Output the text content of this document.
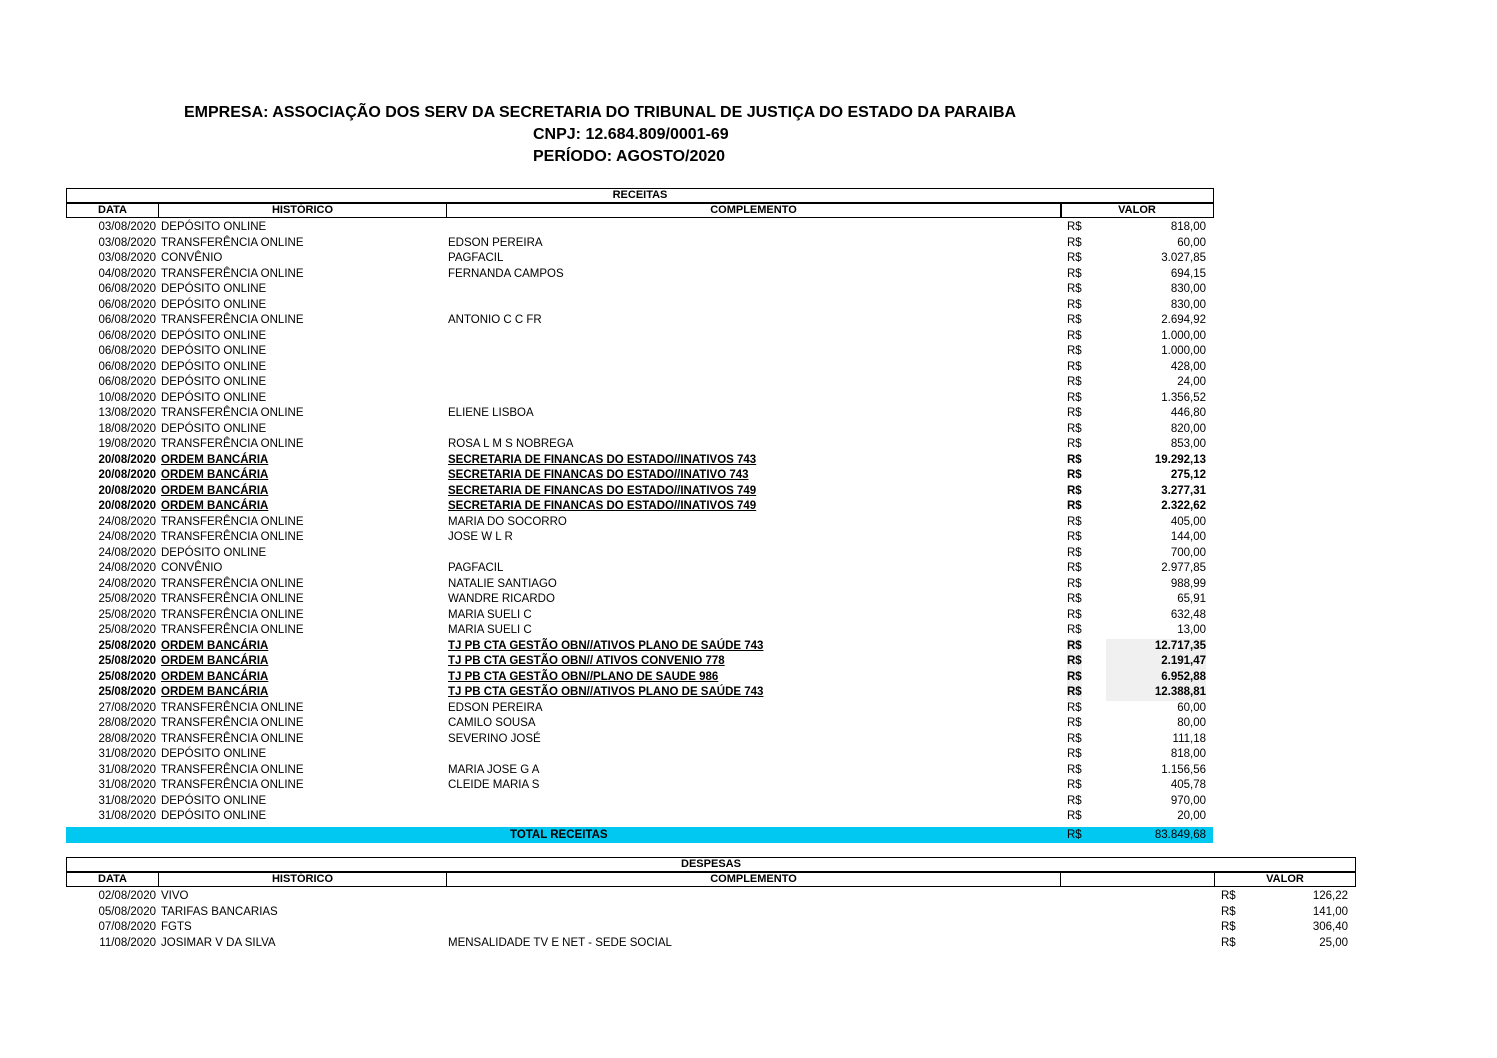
EMPRESA: ASSOCIAÇÃO DOS SERV DA SECRETARIA DO TRIBUNAL DE JUSTIÇA DO ESTADO DA PARAIBA
CNPJ: 12.684.809/0001-69
PERÍODO: AGOSTO/2020
RECEITAS
DATA	HISTÓRICO	COMPLEMENTO	VALOR
03/08/2020 DEPÓSITO ONLINE	R$	818,00
03/08/2020 TRANSFERÊNCIA ONLINE	EDSON PEREIRA	R$	60,00
03/08/2020 CONVÊNIO	PAGFACIL	R$	3.027,85
04/08/2020 TRANSFERÊNCIA ONLINE	FERNANDA CAMPOS	R$	694,15
06/08/2020 DEPÓSITO ONLINE	R$	830,00
06/08/2020 DEPÓSITO ONLINE	R$	830,00
06/08/2020 TRANSFERÊNCIA ONLINE	ANTONIO C C FR	R$	2.694,92
06/08/2020 DEPÓSITO ONLINE	R$	1.000,00
06/08/2020 DEPÓSITO ONLINE	R$	1.000,00
06/08/2020 DEPÓSITO ONLINE	R$	428,00
06/08/2020 DEPÓSITO ONLINE	R$	24,00
10/08/2020 DEPÓSITO ONLINE	R$	1.356,52
13/08/2020 TRANSFERÊNCIA ONLINE	ELIENE LISBOA	R$	446,80
18/08/2020 DEPÓSITO ONLINE	R$	820,00
19/08/2020 TRANSFERÊNCIA ONLINE	ROSA L M S NOBREGA	R$	853,00
20/08/2020 ORDEM BANCÁRIA	SECRETARIA DE FINANCAS DO ESTADO//INATIVOS 743	R$	19.292,13
20/08/2020 ORDEM BANCÁRIA	SECRETARIA DE FINANCAS DO ESTADO//INATIVO 743	R$	275,12
20/08/2020 ORDEM BANCÁRIA	SECRETARIA DE FINANCAS DO ESTADO//INATIVOS 749	R$	3.277,31
20/08/2020 ORDEM BANCÁRIA	SECRETARIA DE FINANCAS DO ESTADO//INATIVOS 749	R$	2.322,62
24/08/2020 TRANSFERÊNCIA ONLINE	MARIA DO SOCORRO	R$	405,00
24/08/2020 TRANSFERÊNCIA ONLINE	JOSE W L R	R$	144,00
24/08/2020 DEPÓSITO ONLINE	R$	700,00
24/08/2020 CONVÊNIO	PAGFACIL	R$	2.977,85
24/08/2020 TRANSFERÊNCIA ONLINE	NATALIE SANTIAGO	R$	988,99
25/08/2020 TRANSFERÊNCIA ONLINE	WANDRE RICARDO	R$	65,91
25/08/2020 TRANSFERÊNCIA ONLINE	MARIA SUELI C	R$	632,48
25/08/2020 TRANSFERÊNCIA ONLINE	MARIA SUELI C	R$	13,00
25/08/2020 ORDEM BANCÁRIA	TJ PB CTA GESTÃO OBN//ATIVOS PLANO DE SAÚDE 743	R$	12.717,35
25/08/2020 ORDEM BANCÁRIA	TJ PB CTA GESTÃO OBN// ATIVOS CONVENIO 778	R$	2.191,47
25/08/2020 ORDEM BANCÁRIA	TJ PB CTA GESTÃO OBN//PLANO DE SAUDE 986	R$	6.952,88
25/08/2020 ORDEM BANCÁRIA	TJ PB CTA GESTÃO OBN//ATIVOS PLANO DE SAÚDE 743	R$	12.388,81
27/08/2020 TRANSFERÊNCIA ONLINE	EDSON PEREIRA	R$	60,00
28/08/2020 TRANSFERÊNCIA ONLINE	CAMILO SOUSA	R$	80,00
28/08/2020 TRANSFERÊNCIA ONLINE	SEVERINO JOSÉ	R$	111,18
31/08/2020 DEPÓSITO ONLINE	R$	818,00
31/08/2020 TRANSFERÊNCIA ONLINE	MARIA JOSE G A	R$	1.156,56
31/08/2020 TRANSFERÊNCIA ONLINE	CLEIDE MARIA S	R$	405,78
31/08/2020 DEPÓSITO ONLINE	R$	970,00
31/08/2020 DEPÓSITO ONLINE	R$	20,00
TOTAL RECEITAS	R$	83.849,68
DESPESAS
DATA	HISTÓRICO	COMPLEMENTO	VALOR
02/08/2020 VIVO	R$	126,22
05/08/2020 TARIFAS BANCARIAS	R$	141,00
07/08/2020 FGTS	R$	306,40
11/08/2020 JOSIMAR V DA SILVA	MENSALIDADE TV E NET - SEDE SOCIAL	R$	25,00
